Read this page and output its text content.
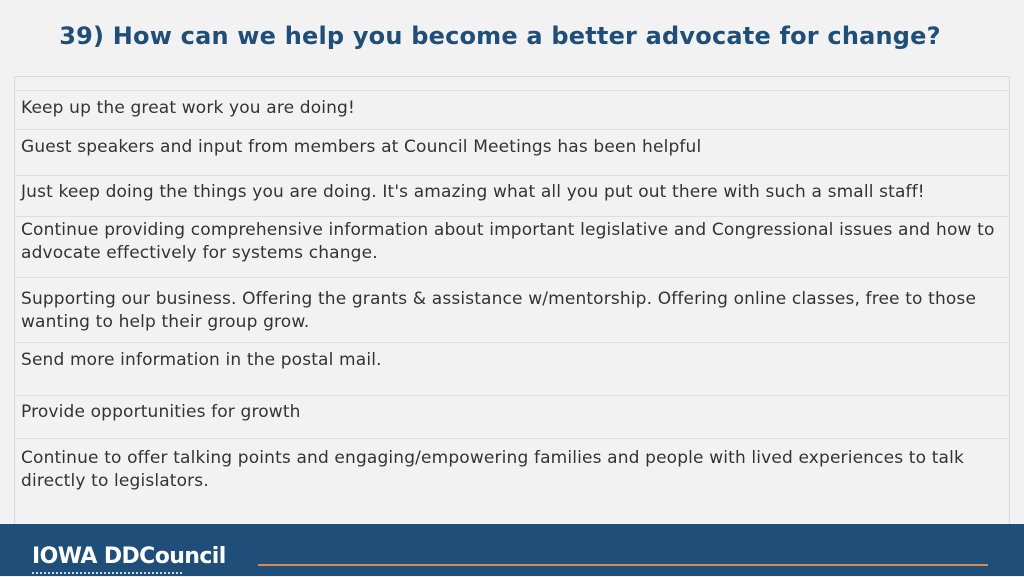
39) How can we help you become a better advocate for change?
Keep up the great work you are doing!
Guest speakers and input from members at Council Meetings has been helpful
Just keep doing the things you are doing. It's amazing what all you put out there with such a small staff!
Continue providing comprehensive information about important legislative and Congressional issues and how to advocate effectively for systems change.
Supporting our business. Offering the grants & assistance w/mentorship. Offering online classes, free to those wanting to help their group grow.
Send more information in the postal mail.
Provide opportunities for growth
Continue to offer talking points and engaging/empowering families and people with lived experiences to talk directly to legislators.
IOWA DDCouncil
